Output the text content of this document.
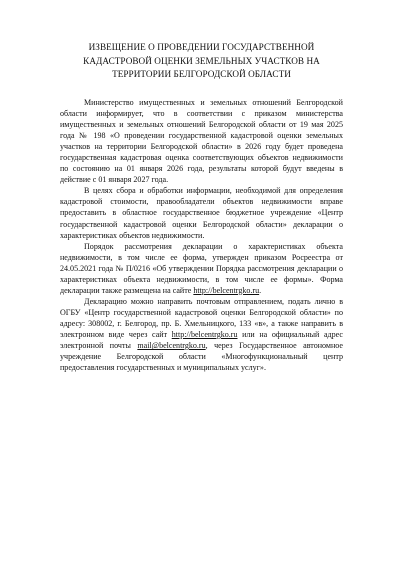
ИЗВЕЩЕНИЕ О ПРОВЕДЕНИИ ГОСУДАРСТВЕННОЙ КАДАСТРОВОЙ ОЦЕНКИ ЗЕМЕЛЬНЫХ УЧАСТКОВ НА ТЕРРИТОРИИ БЕЛГОРОДСКОЙ ОБЛАСТИ

Министерство имущественных и земельных отношений Белгородской области информирует, что в соответствии с приказом министерства имущественных и земельных отношений Белгородской области от 19 мая 2025 года № 198 «О проведении государственной кадастровой оценки земельных участков на территории Белгородской области» в 2026 году будет проведена государственная кадастровая оценка соответствующих объектов недвижимости по состоянию на 01 января 2026 года, результаты которой будут введены в действие с 01 января 2027 года.

В целях сбора и обработки информации, необходимой для определения кадастровой стоимости, правообладатели объектов недвижимости вправе предоставить в областное государственное бюджетное учреждение «Центр государственной кадастровой оценки Белгородской области» декларации о характеристиках объектов недвижимости.

Порядок рассмотрения декларации о характеристиках объекта недвижимости, в том числе ее форма, утвержден приказом Росреестра от 24.05.2021 года № П/0216 «Об утверждении Порядка рассмотрения декларации о характеристиках объекта недвижимости, в том числе ее формы». Форма декларации также размещена на сайте http://belcentrgko.ru.

Декларацию можно направить почтовым отправлением, подать лично в ОГБУ «Центр государственной кадастровой оценки Белгородской области» по адресу: 308002, г. Белгород, пр. Б. Хмельницкого, 133 «в», а также направить в электронном виде через сайт http://belcentrgko.ru или на официальный адрес электронной почты mail@belcentrgko.ru, через Государственное автономное учреждение Белгородской области «Многофункциональный центр предоставления государственных и муниципальных услуг».
